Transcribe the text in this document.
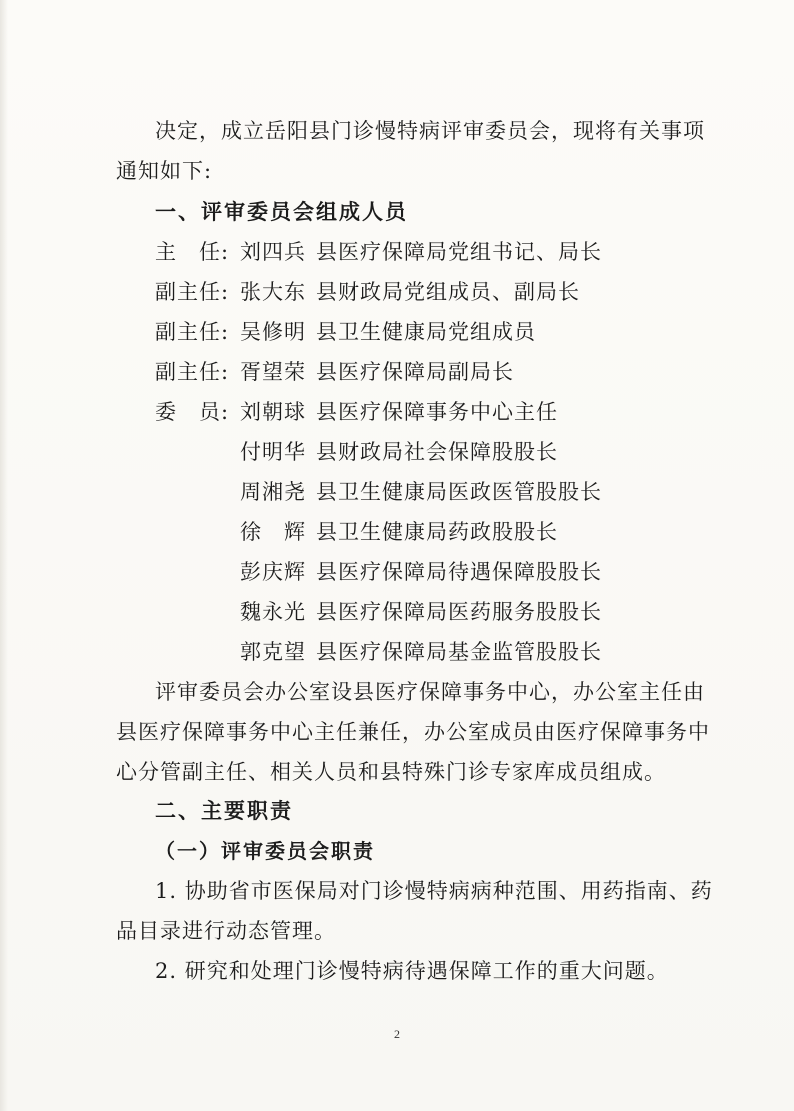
决定，成立岳阳县门诊慢特病评审委员会，现将有关事项
通知如下:
一、评审委员会组成人员
主　任: 刘四兵 县医疗保障局党组书记、局长
副主任: 张大东 县财政局党组成员、副局长
副主任: 吴修明 县卫生健康局党组成员
副主任: 胥望荣 县医疗保障局副局长
委　员: 刘朝球 县医疗保障事务中心主任
付明华 县财政局社会保障股股长
周湘尧 县卫生健康局医政医管股股长
徐　辉 县卫生健康局药政股股长
彭庆辉 县医疗保障局待遇保障股股长
魏永光 县医疗保障局医药服务股股长
郭克望 县医疗保障局基金监管股股长
评审委员会办公室设县医疗保障事务中心，办公室主任由
县医疗保障事务中心主任兼任，办公室成员由医疗保障事务中
心分管副主任、相关人员和县特殊门诊专家库成员组成。
二、主要职责
（一）评审委员会职责
1. 协助省市医保局对门诊慢特病病种范围、用药指南、药
品目录进行动态管理。
2. 研究和处理门诊慢特病待遇保障工作的重大问题。
2
